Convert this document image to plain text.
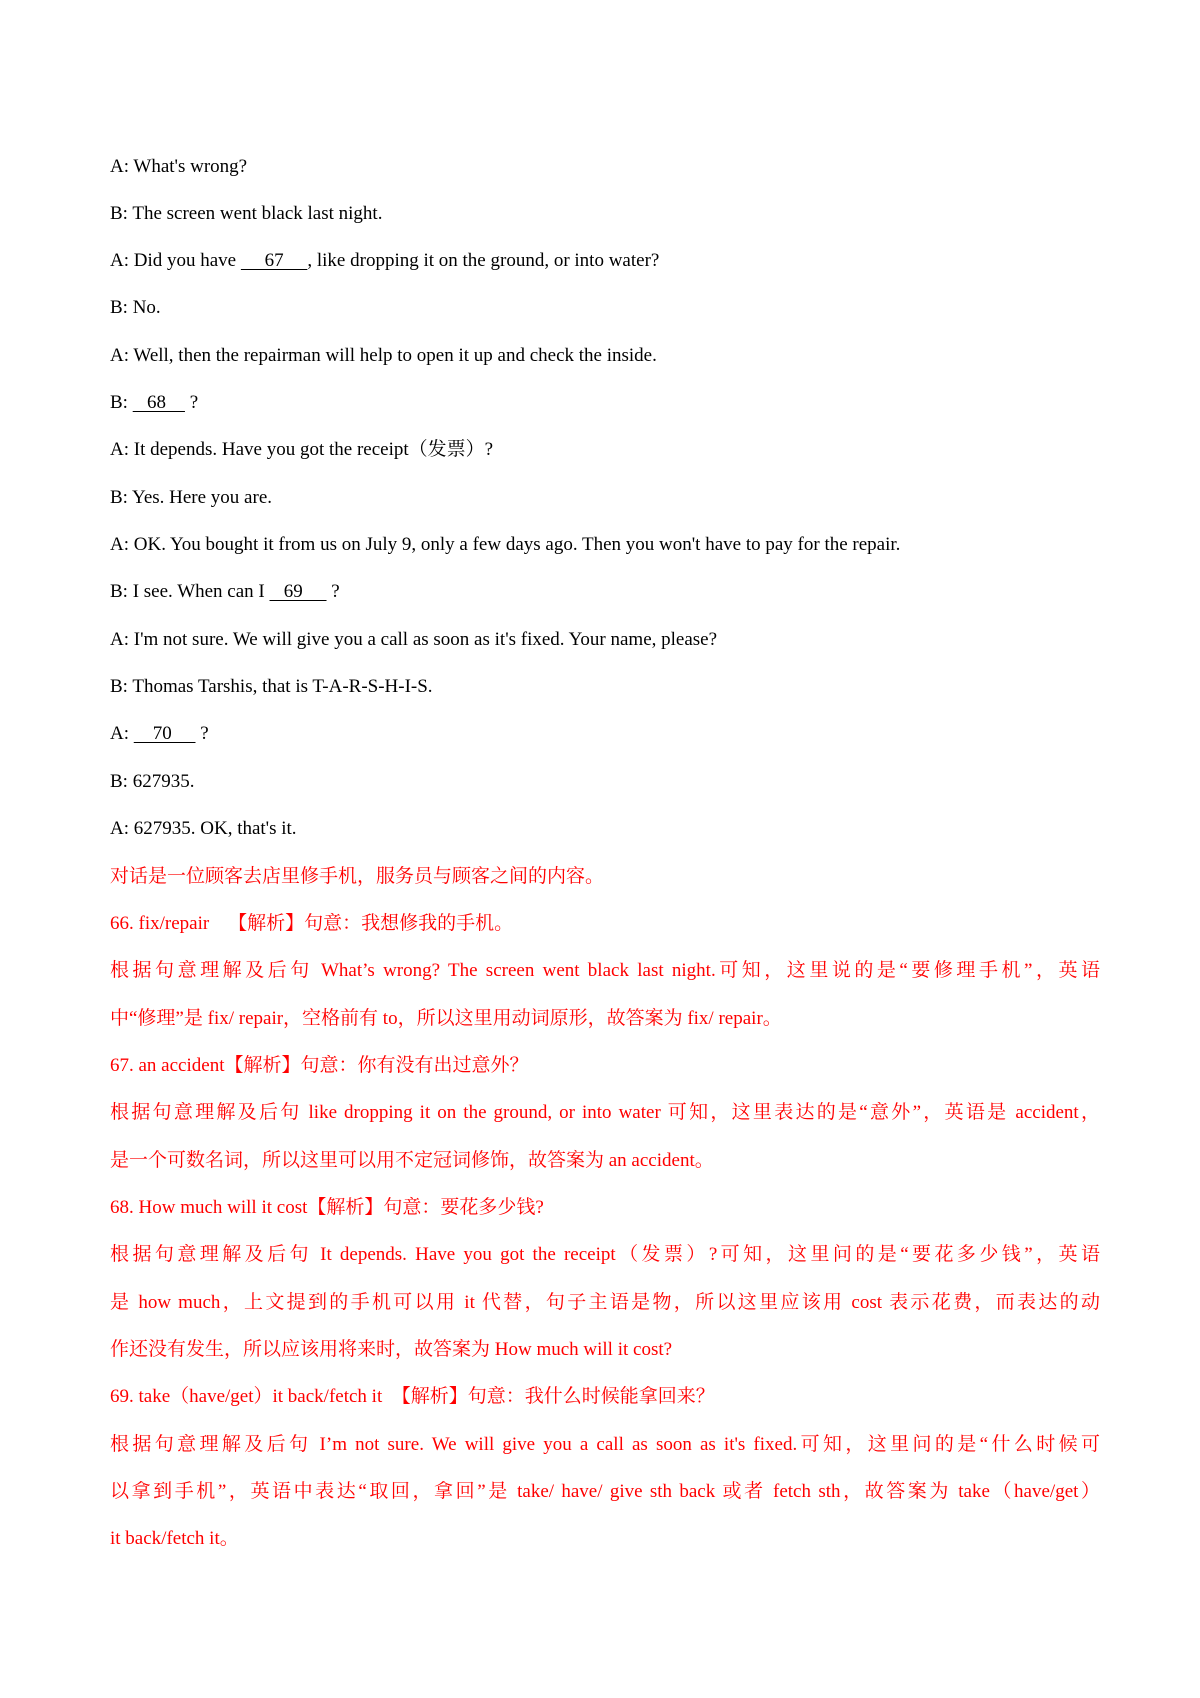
A: What's wrong?
B: The screen went black last night.
A: Did you have      67     , like dropping it on the ground, or into water?
B: No.
A: Well, then the repairman will help to open it up and check the inside.
B:    68     ?
A: It depends. Have you got the receipt（发票）?
B: Yes. Here you are.
A: OK. You bought it from us on July 9, only a few days ago. Then you won't have to pay for the repair.
B: I see. When can I    69      ?
A: I'm not sure. We will give you a call as soon as it's fixed. Your name, please?
B: Thomas Tarshis, that is T-A-R-S-H-I-S.
A:     70      ?
B: 627935.
A: 627935. OK, that's it.
对话是一位顾客去店里修手机，服务员与顾客之间的内容。
66. fix/repair    【解析】句意：我想修我的手机。
根据句意理解及后句 What’s wrong? The screen went black last night.可知，这里说的是“要修理手机”，英语
中“修理”是 fix/ repair，空格前有 to，所以这里用动词原形，故答案为 fix/ repair。
67. an accident【解析】句意：你有没有出过意外？
根据句意理解及后句 like dropping it on the ground, or into water 可知，这里表达的是“意外”，英语是 accident，
是一个可数名词，所以这里可以用不定冠词修饰，故答案为 an accident。
68. How much will it cost【解析】句意：要花多少钱?
根据句意理解及后句 It depends. Have you got the receipt（发票）?可知，这里问的是“要花多少钱”，英语
是 how much，上文提到的手机可以用 it 代替，句子主语是物，所以这里应该用 cost 表示花费，而表达的动
作还没有发生，所以应该用将来时，故答案为 How much will it cost?
69. take（have/get）it back/fetch it  【解析】句意：我什么时候能拿回来？
根据句意理解及后句 I’m not sure. We will give you a call as soon as it's fixed.可知，这里问的是“什么时候可
以拿到手机”，英语中表达“取回，拿回”是 take/ have/ give sth back 或者 fetch sth，故答案为 take（have/get）
it back/fetch it。
